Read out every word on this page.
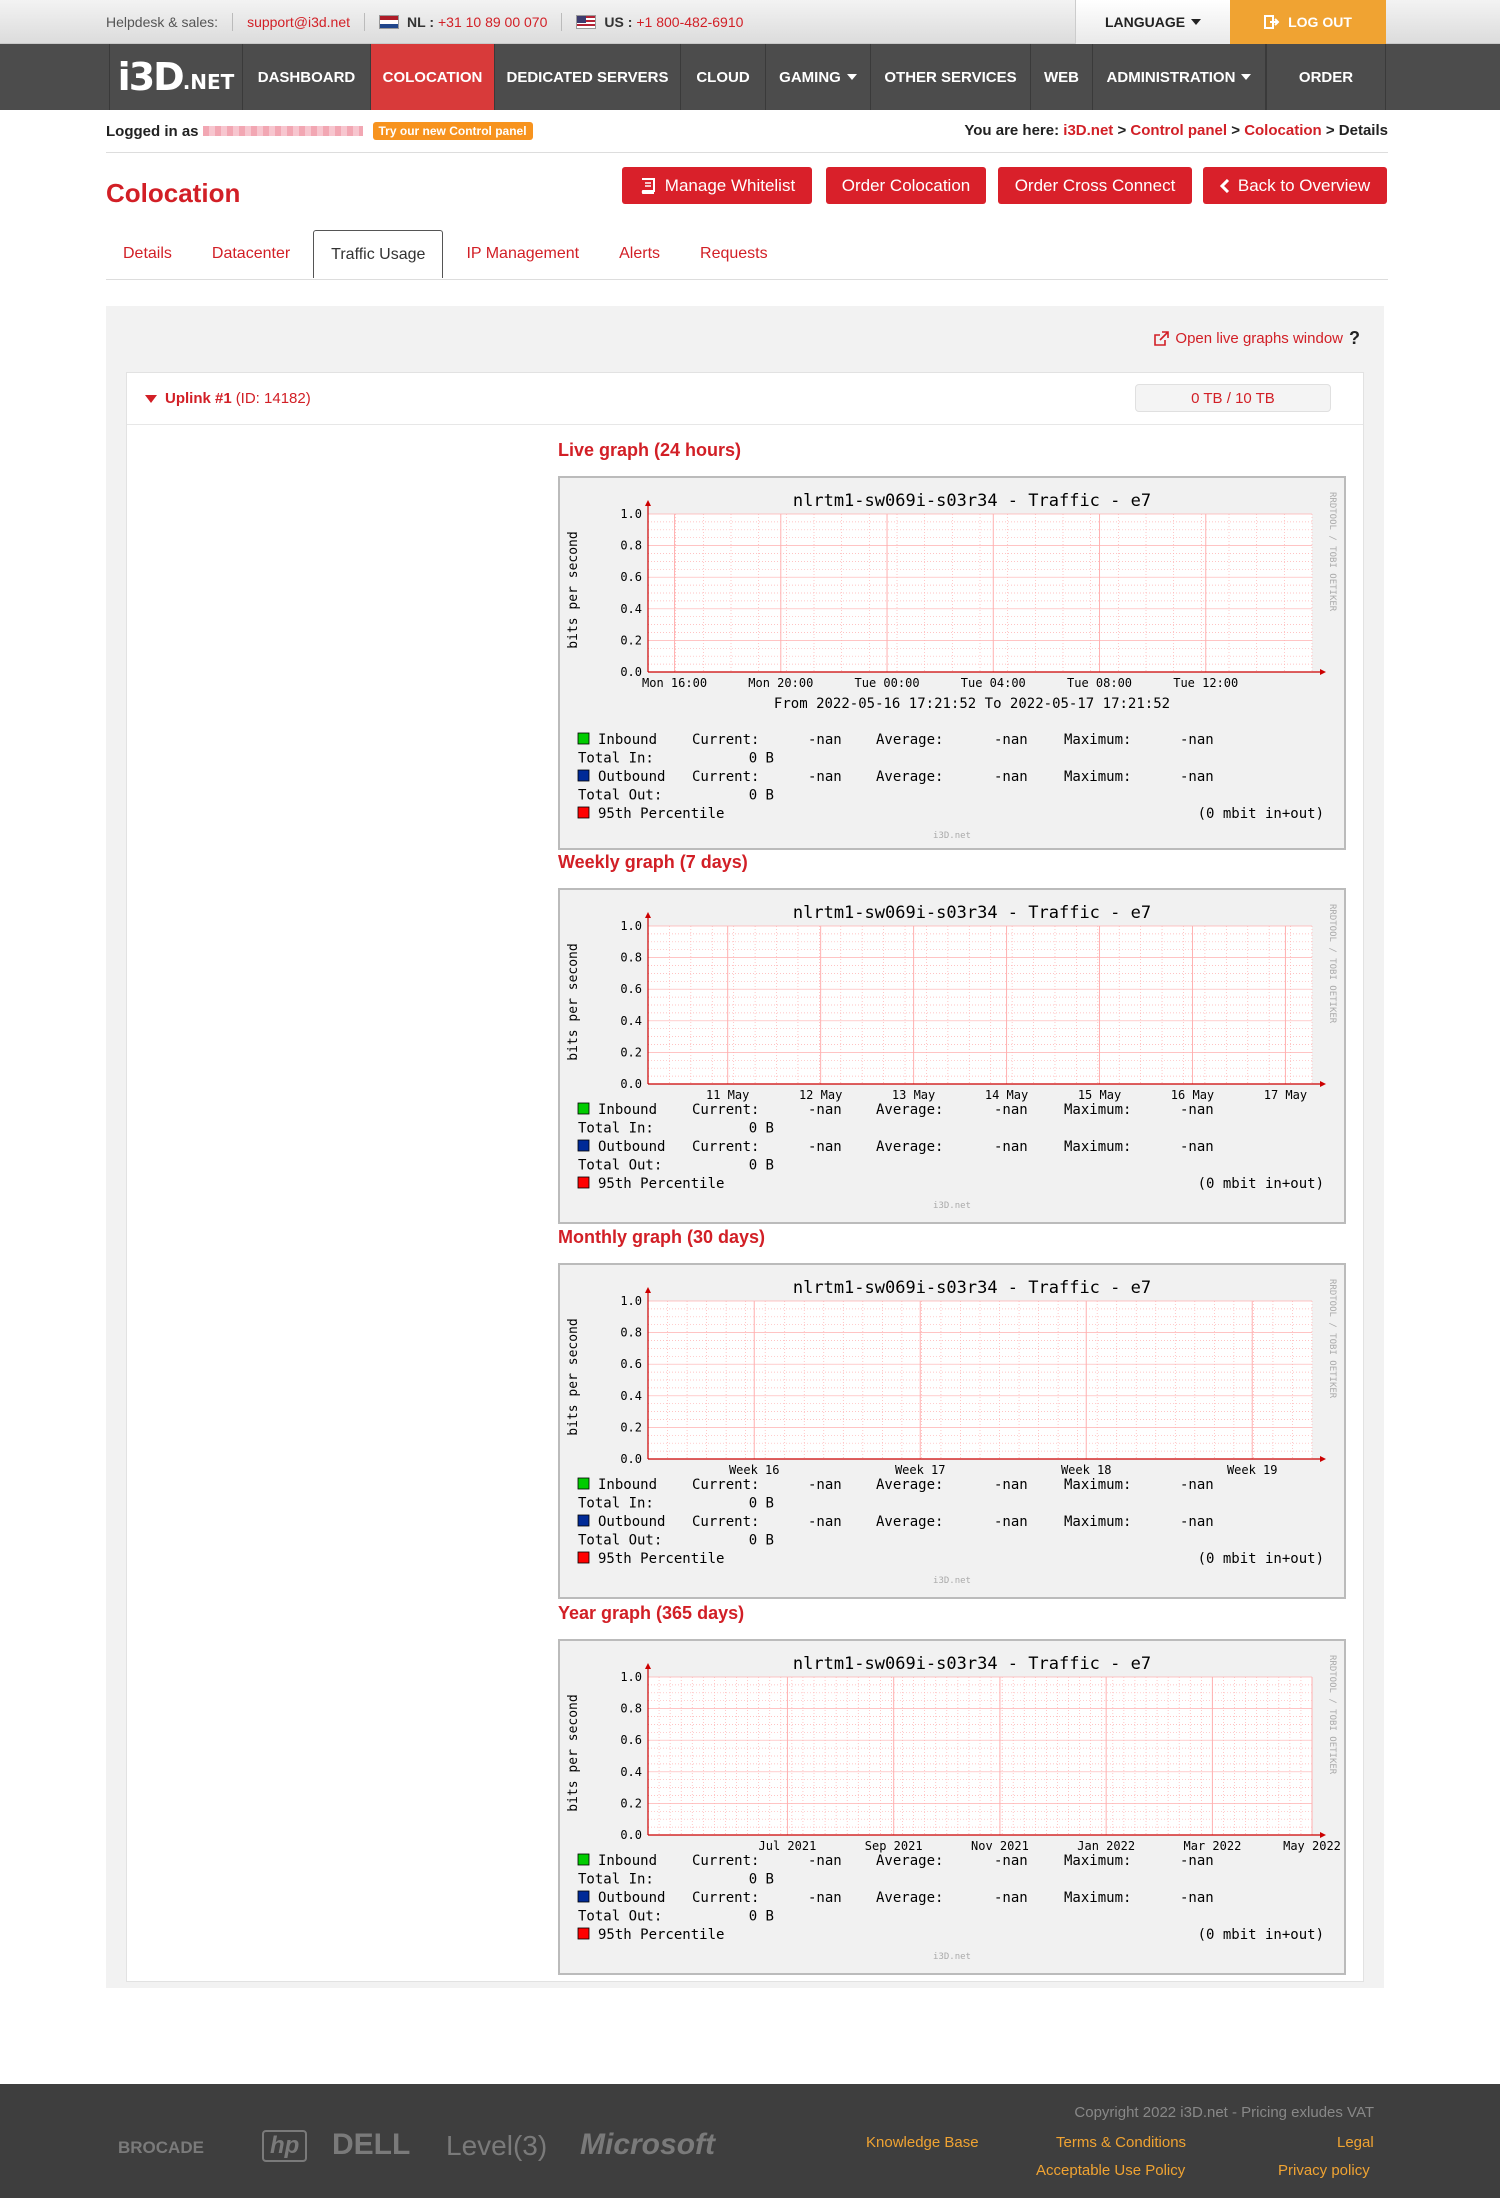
Helpdesk & sales: support@i3d.net	NL : +31 10 89 00 070	US : +1 800-482-6910	LANGUAGE	LOG OUT
i3D .NET	DASHBOARD	COLOCATION	DEDICATED SERVERS	CLOUD	GAMING	OTHER SERVICES	WEB	ADMINISTRATION	ORDER
Logged in as	Try our new Control panel	You are here: i3D.net > Control panel > Colocation > Details
Colocation	Manage Whitelist	Order Colocation	Order Cross Connect	Back to Overview
Details	Datacenter	Traffic Usage	IP Management	Alerts	Requests
Open live graphs window ?
Uplink #1 (ID: 14182)	0 TB / 10 TB
Live graph (24 hours)
nlrtm1-sw069i-s03r34 - Traffic - e7	RRDTOOL / TOBI OETIKER
bits per second
1.0
0.8
0.6
0.4
0.2
0.0
Mon 16:00	Mon 20:00	Tue 00:00	Tue 04:00	Tue 08:00	Tue 12:00
From 2022-05-16 17:21:52 To 2022-05-17 17:21:52
Inbound Current:	-nan Average:	-nan	Maximum:	-nan
Total In:	0 B
Outbound Current:	-nan Average:	-nan	Maximum:	-nan
Total Out:	0 B
95th Percentile	(0 mbit in+out)
i3D.net
Weekly graph (7 days)
nlrtm1-sw069i-s03r34 - Traffic - e7	RRDTOOL / TOBI OETIKER
bits per second
1.0
0.8
0.6
0.4
0.2
0.0
11 May	12 May	13 May	14 May	15 May	16 May	17 May
Inbound Current:	-nan Average:	-nan	Maximum:	-nan
Total In:	0 B
Outbound Current:	-nan Average:	-nan	Maximum:	-nan
Total Out:	0 B
95th Percentile	(0 mbit in+out)
i3D.net
Monthly graph (30 days)
nlrtm1-sw069i-s03r34 - Traffic - e7	RRDTOOL / TOBI OETIKER
bits per second
1.0
0.8
0.6
0.4
0.2
0.0
Week 16	Week 17	Week 18	Week 19
Inbound Current:	-nan Average:	-nan	Maximum:	-nan
Total In:	0 B
Outbound Current:	-nan Average:	-nan	Maximum:	-nan
Total Out:	0 B
95th Percentile	(0 mbit in+out)
i3D.net
Year graph (365 days)
nlrtm1-sw069i-s03r34 - Traffic - e7	RRDTOOL / TOBI OETIKER
bits per second
1.0
0.8
0.6
0.4
0.2
0.0
Jul 2021	Sep 2021	Nov 2021	Jan 2022	Mar 2022	May 2022
Inbound Current:	-nan Average:	-nan	Maximum:	-nan
Total In:	0 B
Outbound Current:	-nan Average:	-nan	Maximum:	-nan
Total Out:	0 B
95th Percentile	(0 mbit in+out)
i3D.net
Copyright 2022 i3D.net - Pricing exludes VAT
Knowledge Base	Terms & Conditions	Legal
Acceptable Use Policy	Privacy policy
BROCADE	hp DELL Level(3) Microsoft
